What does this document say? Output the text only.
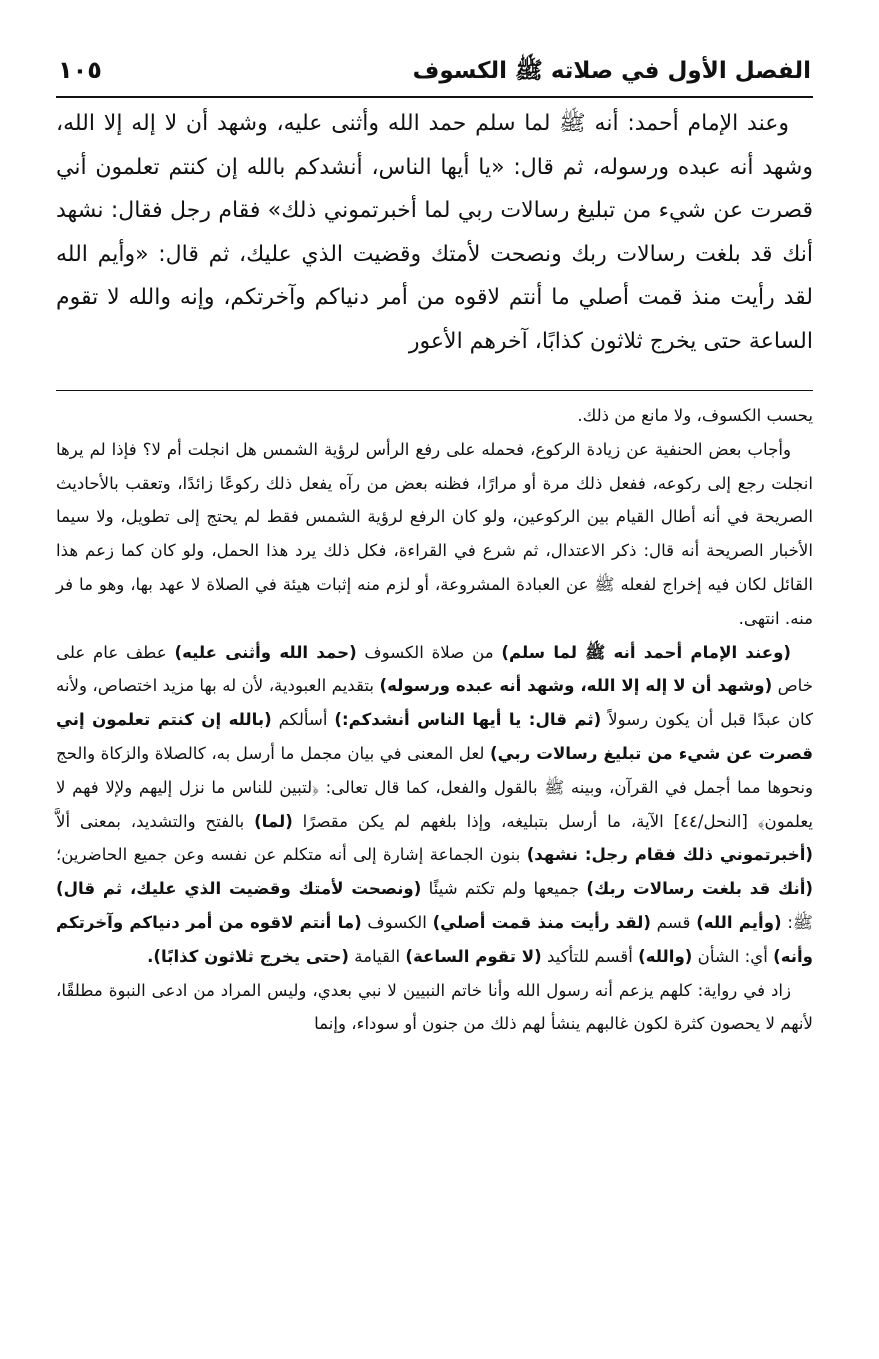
الفصل الأول في صلاته ﷺ الكسوف
١٠٥

وعند الإمام أحمد: أنه ﷺ لما سلم حمد الله وأثنى عليه، وشهد أن لا إله إلا الله، وشهد أنه عبده ورسوله، ثم قال: «يا أيها الناس، أنشدكم بالله إن كنتم تعلمون أني قصرت عن شيء من تبليغ رسالات ربي لما أخبرتموني ذلك» فقام رجل فقال: نشهد أنك قد بلغت رسالات ربك ونصحت لأمتك وقضيت الذي عليك، ثم قال: «وأيم الله لقد رأيت منذ قمت أصلي ما أنتم لاقوه من أمر دنياكم وآخرتكم، وإنه والله لا تقوم الساعة حتى يخرج ثلاثون كذابًا، آخرهم الأعور

يحسب الكسوف، ولا مانع من ذلك.

وأجاب بعض الحنفية عن زيادة الركوع، فحمله على رفع الرأس لرؤية الشمس هل انجلت أم لا؟ فإذا لم يرها انجلت رجع إلى ركوعه، ففعل ذلك مرة أو مرارًا، فظنه بعض من رآه يفعل ذلك ركوعًا زائدًا، وتعقب بالأحاديث الصريحة في أنه أطال القيام بين الركوعين، ولو كان الرفع لرؤية الشمس فقط لم يحتج إلى تطويل، ولا سيما الأخبار الصريحة أنه قال: ذكر الاعتدال، ثم شرع في القراءة، فكل ذلك يرد هذا الحمل، ولو كان كما زعم هذا القائل لكان فيه إخراج لفعله ﷺ عن العبادة المشروعة، أو لزم منه إثبات هيئة في الصلاة لا عهد بها، وهو ما فر منه. انتهى.

(وعند الإمام أحمد أنه ﷺ لما سلم) من صلاة الكسوف (حمد الله وأثنى عليه) عطف عام على خاص (وشهد أن لا إله إلا الله، وشهد أنه عبده ورسوله) بتقديم العبودية، لأن له بها مزيد اختصاص، ولأنه كان عبدًا قبل أن يكون رسولاً (ثم قال: يا أيها الناس أنشدكم:) أسألكم (بالله إن كنتم تعلمون إني قصرت عن شيء من تبليغ رسالات ربي) لعل المعنى في بيان مجمل ما أرسل به، كالصلاة والزكاة والحج ونحوها مما أجمل في القرآن، وبينه ﷺ بالقول والفعل، كما قال تعالى: ﴿لتبين للناس ما نزل إليهم ولإلا فهم لا يعلمون﴾ [النحل/٤٤] الآية، ما أرسل بتبليغه، وإذا بلغهم لم يكن مقصرًا (لما) بالفتح والتشديد، بمعنى ألاَّ (أخبرتموني ذلك فقام رجل: نشهد) بنون الجماعة إشارة إلى أنه متكلم عن نفسه وعن جميع الحاضرين؛ (أنك قد بلغت رسالات ربك) جميعها ولم تكتم شيئًا (ونصحت لأمتك وقضيت الذي عليك، ثم قال) ﷺ: (وأيم الله) قسم (لقد رأيت منذ قمت أصلي) الكسوف (ما أنتم لاقوه من أمر دنياكم وآخرتكم وأنه) أي: الشأن (والله) أقسم للتأكيد (لا تقوم الساعة) القيامة (حتى يخرج ثلاثون كذابًا).

زاد في رواية: كلهم يزعم أنه رسول الله وأنا خاتم النبيين لا نبي بعدي، وليس المراد من ادعى النبوة مطلقًا، لأنهم لا يحصون كثرة لكون غالبهم ينشأ لهم ذلك من جنون أو سوداء، وإنما
